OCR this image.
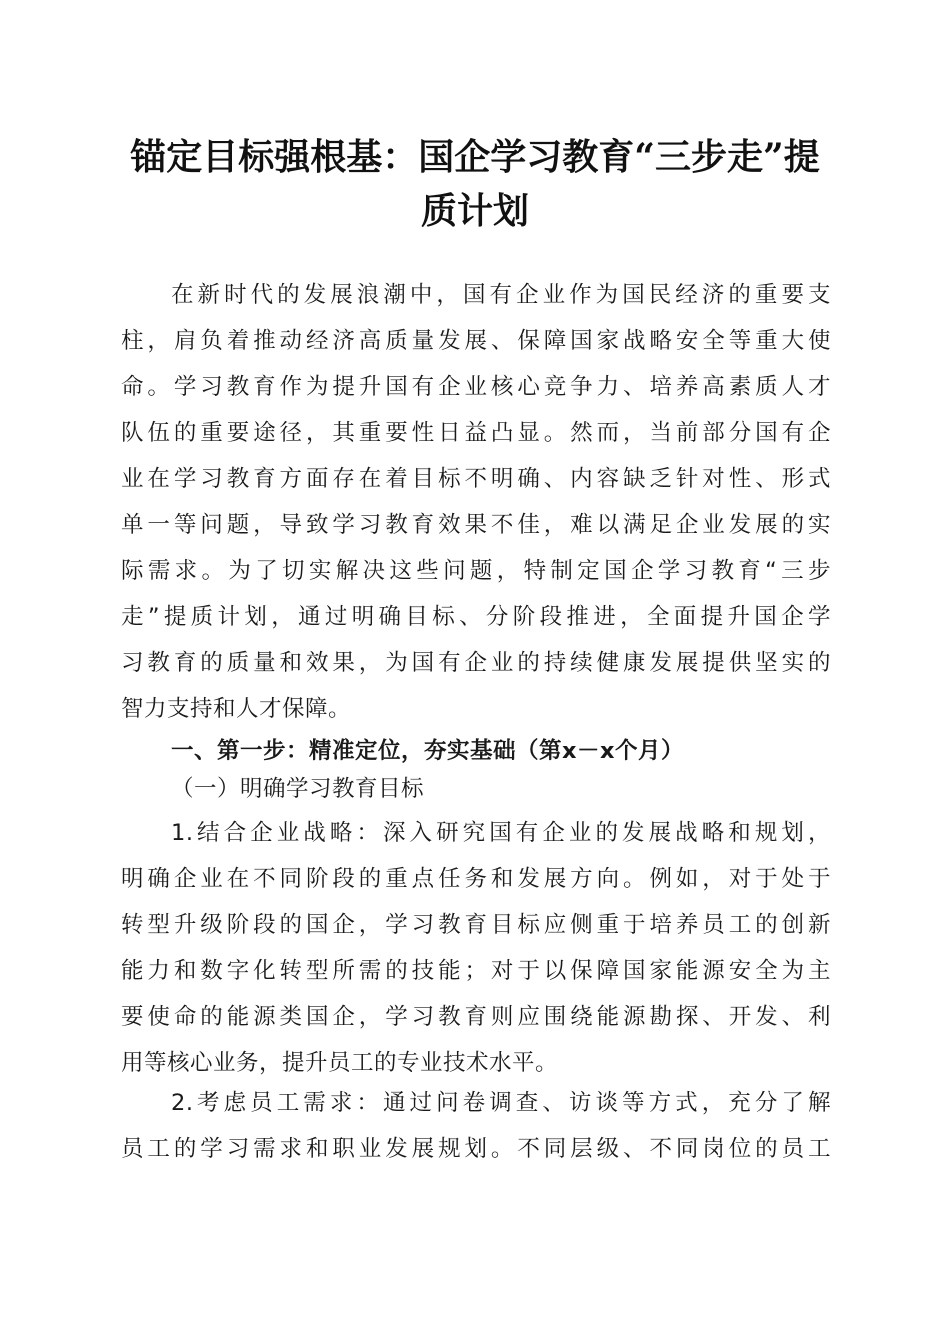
锚定目标强根基：国企学习教育“三步走”提
质计划
在新时代的发展浪潮中，国有企业作为国民经济的重要支
柱，肩负着推动经济高质量发展、保障国家战略安全等重大使
命。学习教育作为提升国有企业核心竞争力、培养高素质人才
队伍的重要途径，其重要性日益凸显。然而，当前部分国有企
业在学习教育方面存在着目标不明确、内容缺乏针对性、形式
单一等问题，导致学习教育效果不佳，难以满足企业发展的实
际需求。为了切实解决这些问题，特制定国企学习教育“三步
走”提质计划，通过明确目标、分阶段推进，全面提升国企学
习教育的质量和效果，为国有企业的持续健康发展提供坚实的
智力支持和人才保障。
一、第一步：精准定位，夯实基础（第x－x个月）
（一）明确学习教育目标
1.结合企业战略：深入研究国有企业的发展战略和规划，
明确企业在不同阶段的重点任务和发展方向。例如，对于处于
转型升级阶段的国企，学习教育目标应侧重于培养员工的创新
能力和数字化转型所需的技能；对于以保障国家能源安全为主
要使命的能源类国企，学习教育则应围绕能源勘探、开发、利
用等核心业务，提升员工的专业技术水平。
2.考虑员工需求：通过问卷调查、访谈等方式，充分了解
员工的学习需求和职业发展规划。不同层级、不同岗位的员工
